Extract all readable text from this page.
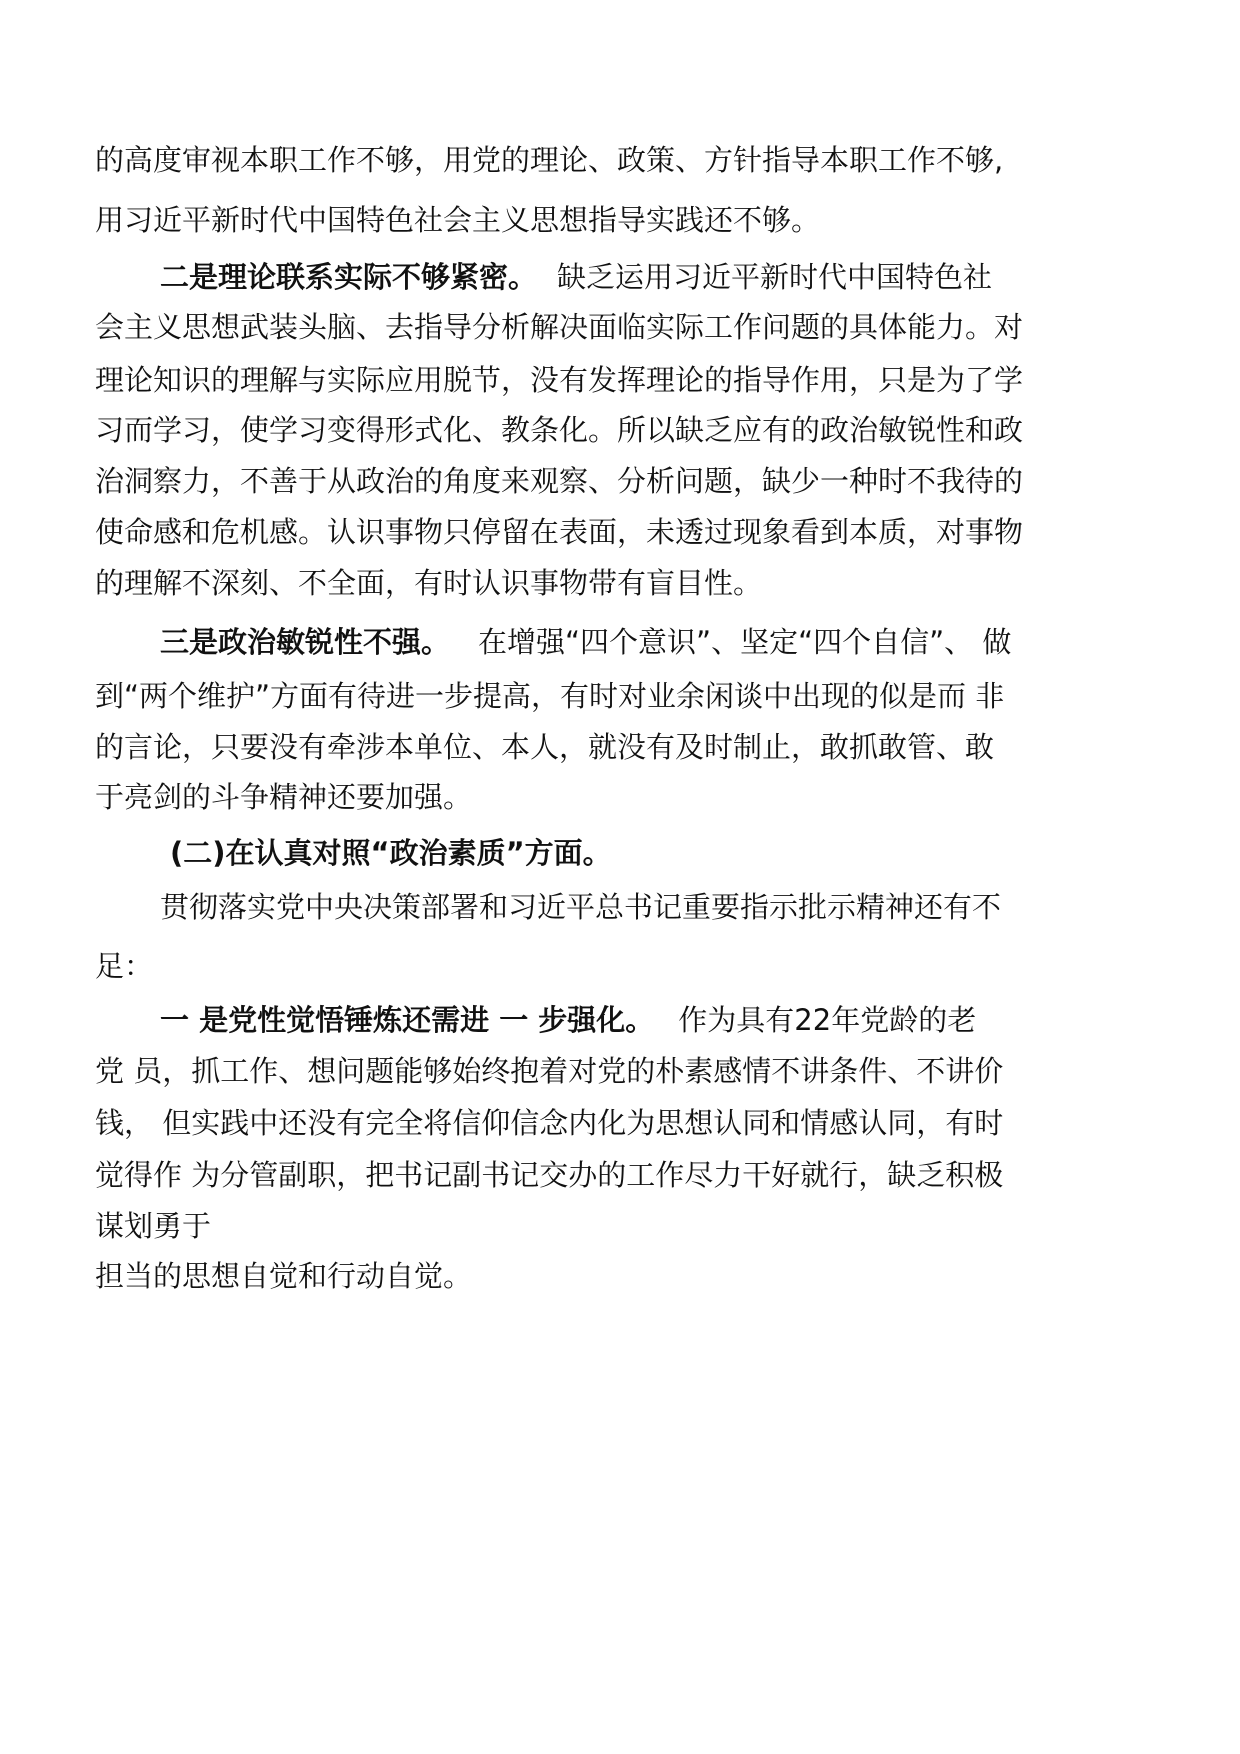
的高度审视本职工作不够，用党的理论、政策、方针指导本职工作不够,
用习近平新时代中国特色社会主义思想指导实践还不够。
二是理论联系实际不够紧密。 缺乏运用习近平新时代中国特色社
会主义思想武装头脑、去指导分析解决面临实际工作问题的具体能力。对
理论知识的理解与实际应用脱节，没有发挥理论的指导作用，只是为了学
习而学习，使学习变得形式化、教条化。所以缺乏应有的政治敏锐性和政
治洞察力，不善于从政治的角度来观察、分析问题，缺少一种时不我待的
使命感和危机感。认识事物只停留在表面，未透过现象看到本质，对事物
的理解不深刻、不全面，有时认识事物带有盲目性。
三是政治敏锐性不强。 在增强“四个意识”、坚定“四个自信”、 做
到“两个维护”方面有待进一步提高，有时对业余闲谈中出现的似是而 非
的言论，只要没有牵涉本单位、本人，就没有及时制止，敢抓敢管、敢
于亮剑的斗争精神还要加强。
(二)在认真对照“政治素质”方面。
贯彻落实党中央决策部署和习近平总书记重要指示批示精神还有不
足：
一 是党性觉悟锤炼还需进 一 步强化。 作为具有22年党龄的老
党 员，抓工作、想问题能够始终抱着对党的朴素感情不讲条件、不讲价
钱， 但实践中还没有完全将信仰信念内化为思想认同和情感认同，有时
觉得作 为分管副职，把书记副书记交办的工作尽力干好就行，缺乏积极
谋划勇于
担当的思想自觉和行动自觉。
